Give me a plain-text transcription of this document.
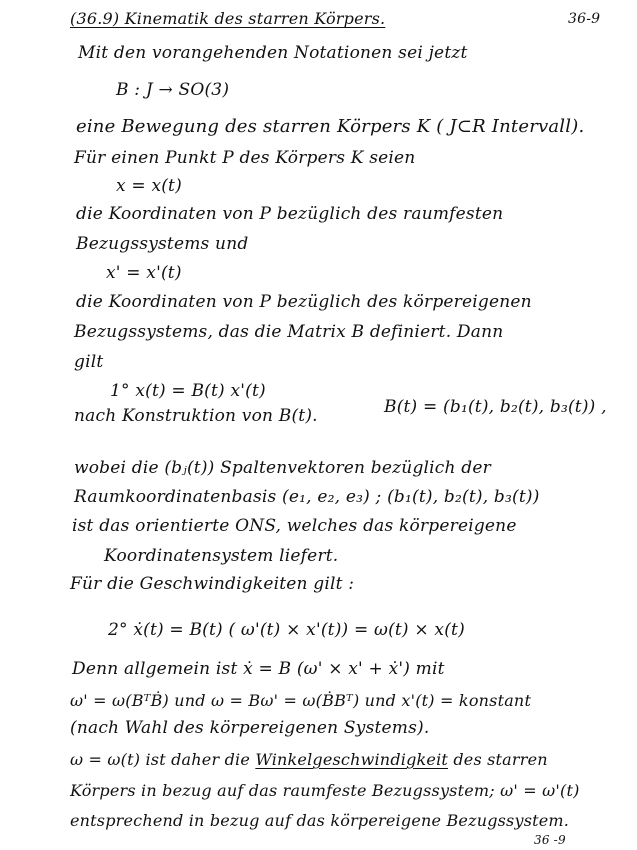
(36.9) Kinematik des starren Körpers.	36-9
Mit den vorangehenden Notationen sei jetzt
B : J → SO(3)
eine Bewegung des starren Körpers K ( J⊂R Intervall).
Für einen Punkt P des Körpers K seien
x = x(t)
die Koordinaten von P bezüglich des raumfesten
Bezugssystems und
x' = x'(t)
die Koordinaten von P bezüglich des körpereigenen
Bezugssystems, das die Matrix B definiert. Dann
gilt
1° x(t) = B(t) x'(t)
nach Konstruktion von B(t).	B(t) = (b₁(t), b₂(t), b₃(t)) ,
wobei die (bⱼ(t)) Spaltenvektoren bezüglich der
Raumkoordinatenbasis (e₁, e₂, e₃) ; (b₁(t), b₂(t), b₃(t))
ist das orientierte ONS, welches das körpereigene
Koordinatensystem liefert.
Für die Geschwindigkeiten gilt :
2° ẋ(t) = B(t) ( ω'(t) × x'(t)) = ω(t) × x(t)
Denn allgemein ist ẋ = B (ω' × x' + ẋ') mit
ω' = ω(BᵀḂ) und ω = Bω' = ω(ḂBᵀ) und x'(t) = konstant
(nach Wahl des körpereigenen Systems).
ω = ω(t) ist daher die Winkelgeschwindigkeit des starren
Körpers in bezug auf das raumfeste Bezugssystem; ω' = ω'(t)
entsprechend in bezug auf das körpereigene Bezugssystem.
36 -9
